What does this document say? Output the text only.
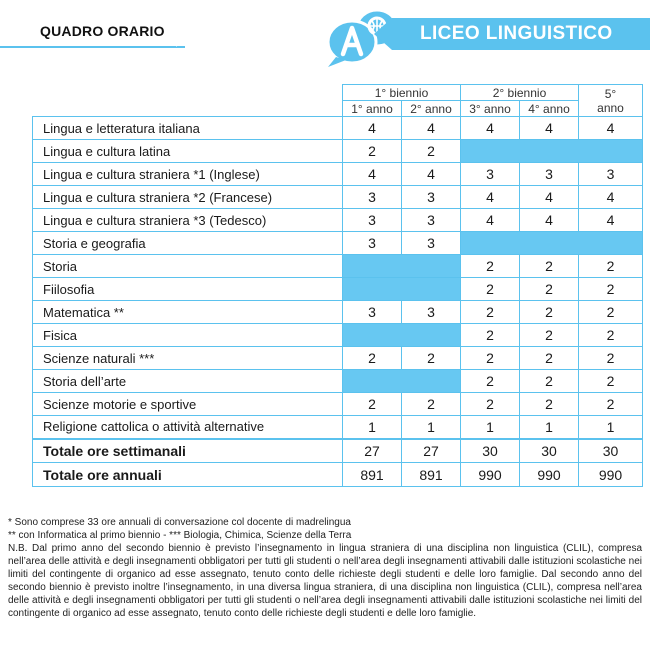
QUADRO ORARIO	LICEO LINGUISTICO
	1° biennio		2° biennio		5° anno
	1° anno	2° anno	3° anno	4° anno	
Lingua e letteratura italiana	4	4	4	4	4
Lingua e cultura latina	2	2			
Lingua e cultura straniera *1 (Inglese)	4	4	3	3	3
Lingua e cultura straniera *2 (Francese)	3	3	4	4	4
Lingua e cultura straniera *3 (Tedesco)	3	3	4	4	4
Storia e geografia	3	3			
Storia			2	2	2
Fiilosofia			2	2	2
Matematica **	3	3	2	2	2
Fisica			2	2	2
Scienze naturali ***	2	2	2	2	2
Storia dell’arte			2	2	2
Scienze motorie e sportive	2	2	2	2	2
Religione cattolica o attività alternative	1	1	1	1	1
Totale ore settimanali	27	27	30	30	30
Totale ore annuali	891	891	990	990	990

* Sono comprese 33 ore annuali di conversazione col docente di madrelingua

** con Informatica al primo biennio - *** Biologia, Chimica, Scienze della Terra

N.B. Dal primo anno del secondo biennio è previsto l’insegnamento in lingua straniera di una disciplina non linguistica (CLIL), compresa nell’area delle attività e degli insegnamenti obbligatori per tutti gli studenti o nell’area degli insegnamenti attivabili dalle istituzioni scolastiche nei limiti del contingente di organico ad esse assegnato, tenuto conto delle richieste degli studenti e delle loro famiglie. Dal secondo anno del secondo biennio è previsto inoltre l’insegnamento, in una diversa lingua straniera, di una disciplina non linguistica (CLIL), compresa nell’area delle attività e degli insegnamenti obbligatori per tutti gli studenti o nell’area degli insegnamenti attivabili dalle istituzioni scolastiche nei limiti del contingente di organico ad esse assegnato, tenuto conto delle richieste degli studenti e delle loro famiglie.
